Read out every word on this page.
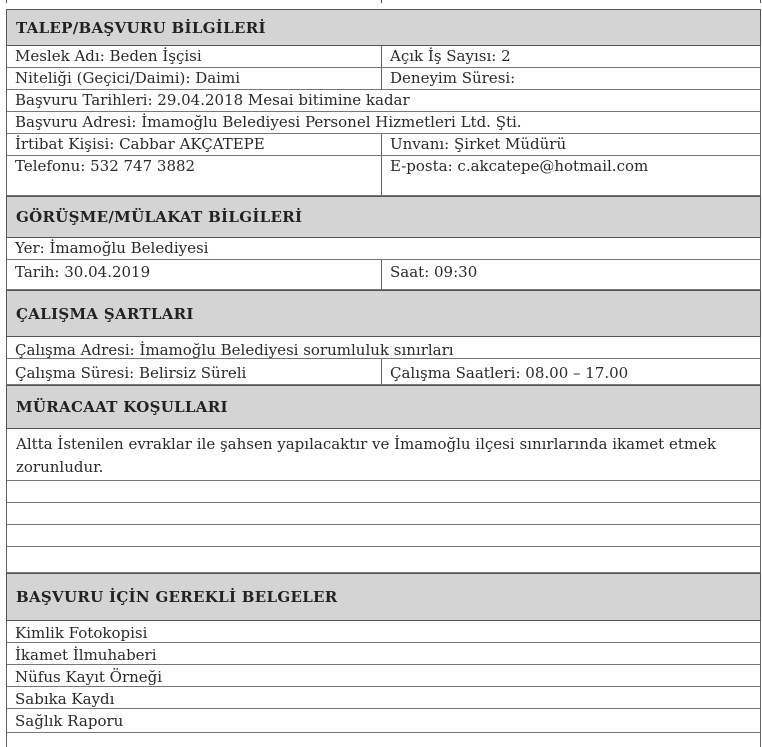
TALEP/BAŞVURU BİLGİLERİ
Meslek Adı: Beden İşçisi	Açık İş Sayısı: 2
Niteliği (Geçici/Daimi): Daimi	Deneyim Süresi:
Başvuru Tarihleri: 29.04.2018 Mesai bitimine kadar
Başvuru Adresi: İmamoğlu Belediyesi Personel Hizmetleri Ltd. Şti.
İrtibat Kişisi: Cabbar AKÇATEPE	Unvanı: Şirket Müdürü
Telefonu: 532 747 3882	E-posta: c.akcatepe@hotmail.com
GÖRÜŞME/MÜLAKAT BİLGİLERİ
Yer: İmamoğlu Belediyesi
Tarih: 30.04.2019	Saat: 09:30
ÇALIŞMA ŞARTLARI
Çalışma Adresi: İmamoğlu Belediyesi sorumluluk sınırları
Çalışma Süresi: Belirsiz Süreli	Çalışma Saatleri: 08.00 – 17.00
MÜRACAAT KOŞULLARI
Altta İstenilen evraklar ile şahsen yapılacaktır ve İmamoğlu ilçesi sınırlarında ikamet etmek zorunludur.
BAŞVURU İÇİN GEREKLİ BELGELER
Kimlik Fotokopisi
İkamet İlmuhaberi
Nüfus Kayıt Örneği
Sabıka Kaydı
Sağlık Raporu
